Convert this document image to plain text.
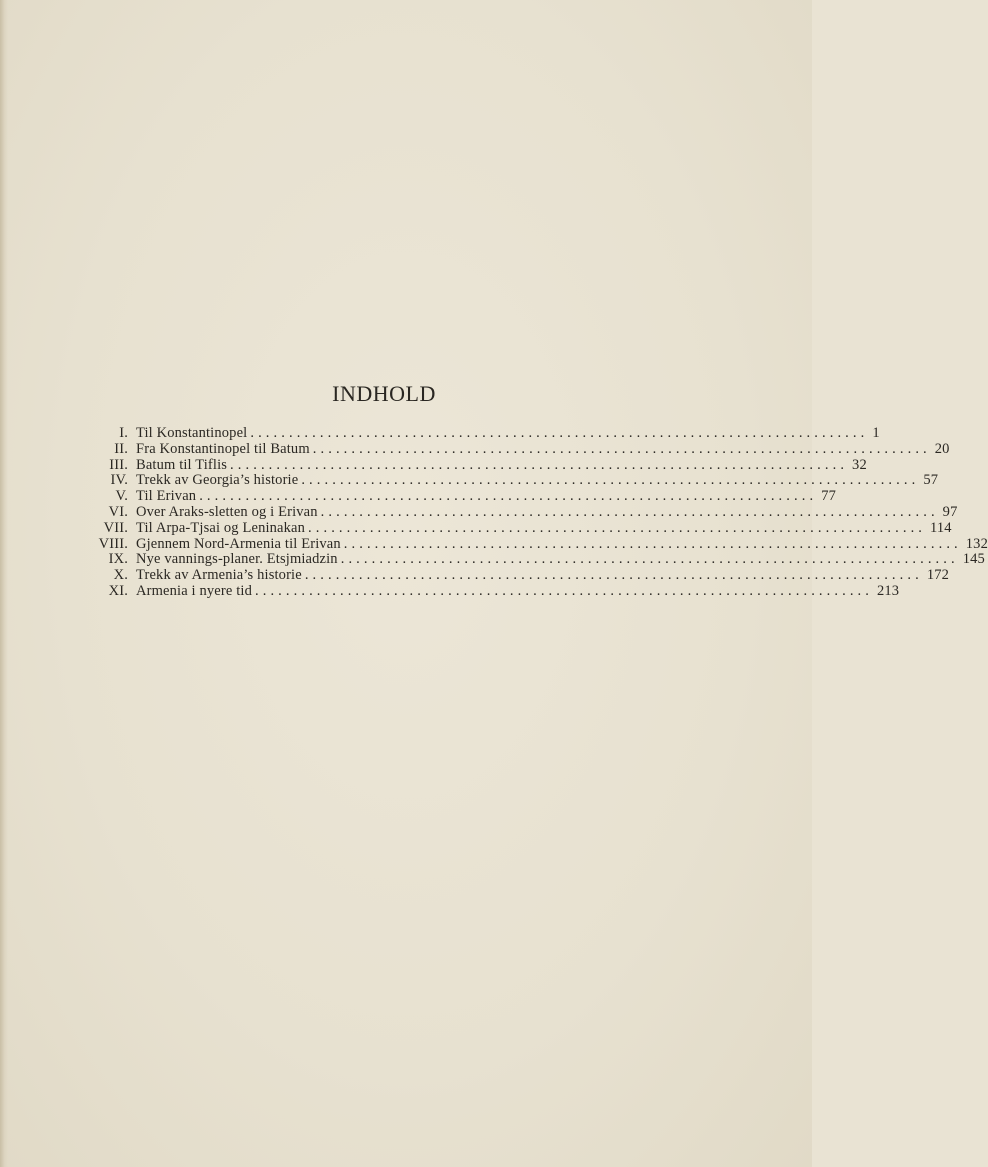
INDHOLD
I. Til Konstantinopel ................................................................................ 1
II. Fra Konstantinopel til Batum ................................................................................ 20
III. Batum til Tiflis ................................................................................ 32
IV. Trekk av Georgia’s historie ................................................................................ 57
V. Til Erivan ................................................................................ 77
VI. Over Araks-sletten og i Erivan ................................................................................ 97
VII. Til Arpa-Tjsai og Leninakan ................................................................................ 114
VIII. Gjennem Nord-Armenia til Erivan ................................................................................ 132
IX. Nye vannings-planer. Etsjmiadzin ................................................................................ 145
X. Trekk av Armenia’s historie ................................................................................ 172
XI. Armenia i nyere tid ................................................................................ 213
